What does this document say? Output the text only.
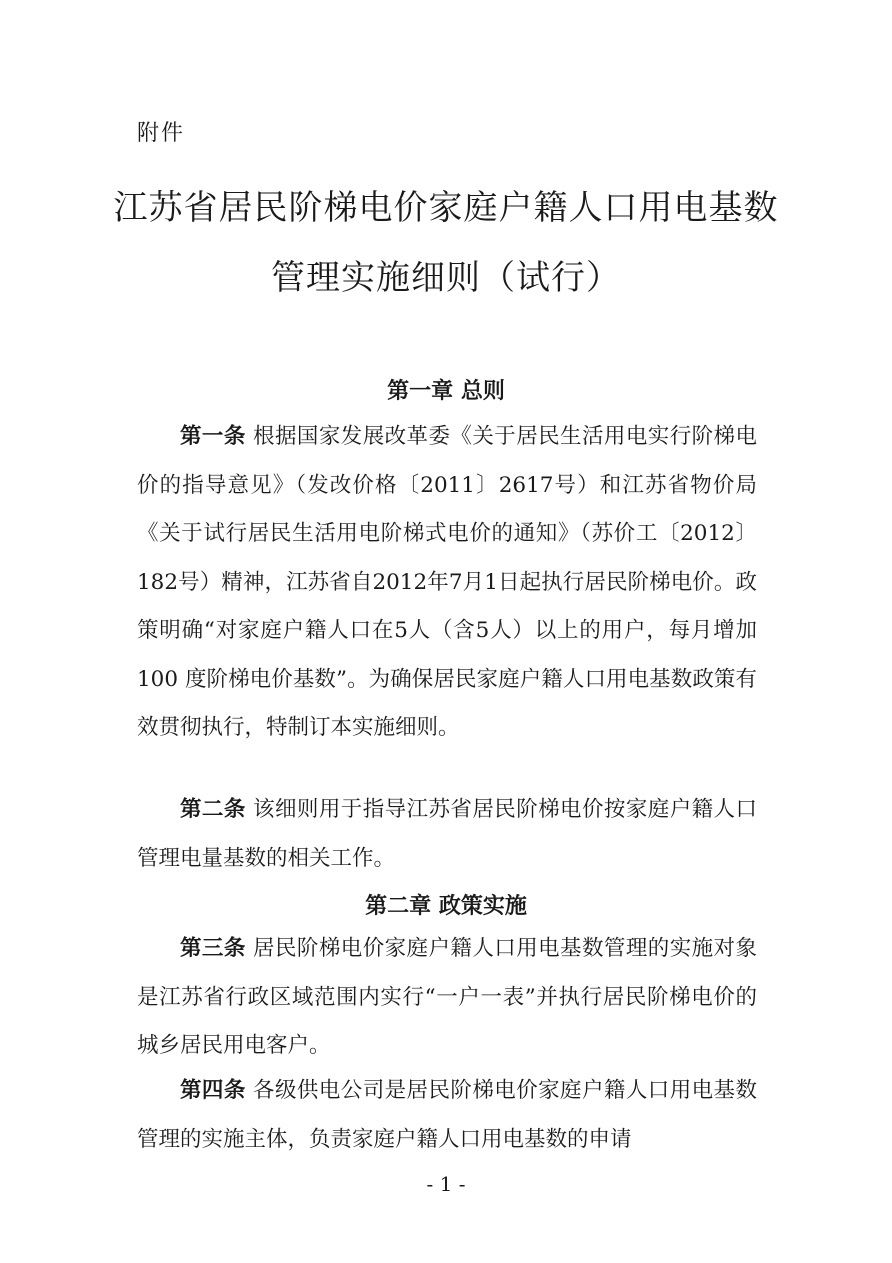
附件
江苏省居民阶梯电价家庭户籍人口用电基数
管理实施细则（试行）
第一章 总则

第一条 根据国家发展改革委《关于居民生活用电实行阶梯电价的指导意见》（发改价格〔2011〕2617号）和江苏省物价局《关于试行居民生活用电阶梯式电价的通知》（苏价工〔2012〕182号）精神，江苏省自2012年7月1日起执行居民阶梯电价。政策明确“对家庭户籍人口在5人（含5人）以上的用户，每月增加 100 度阶梯电价基数”。为确保居民家庭户籍人口用电基数政策有效贯彻执行，特制订本实施细则。

第二条 该细则用于指导江苏省居民阶梯电价按家庭户籍人口管理电量基数的相关工作。

第二章 政策实施

第三条 居民阶梯电价家庭户籍人口用电基数管理的实施对象是江苏省行政区域范围内实行“一户一表”并执行居民阶梯电价的城乡居民用电客户。

第四条 各级供电公司是居民阶梯电价家庭户籍人口用电基数管理的实施主体，负责家庭户籍人口用电基数的申请

- 1 -
